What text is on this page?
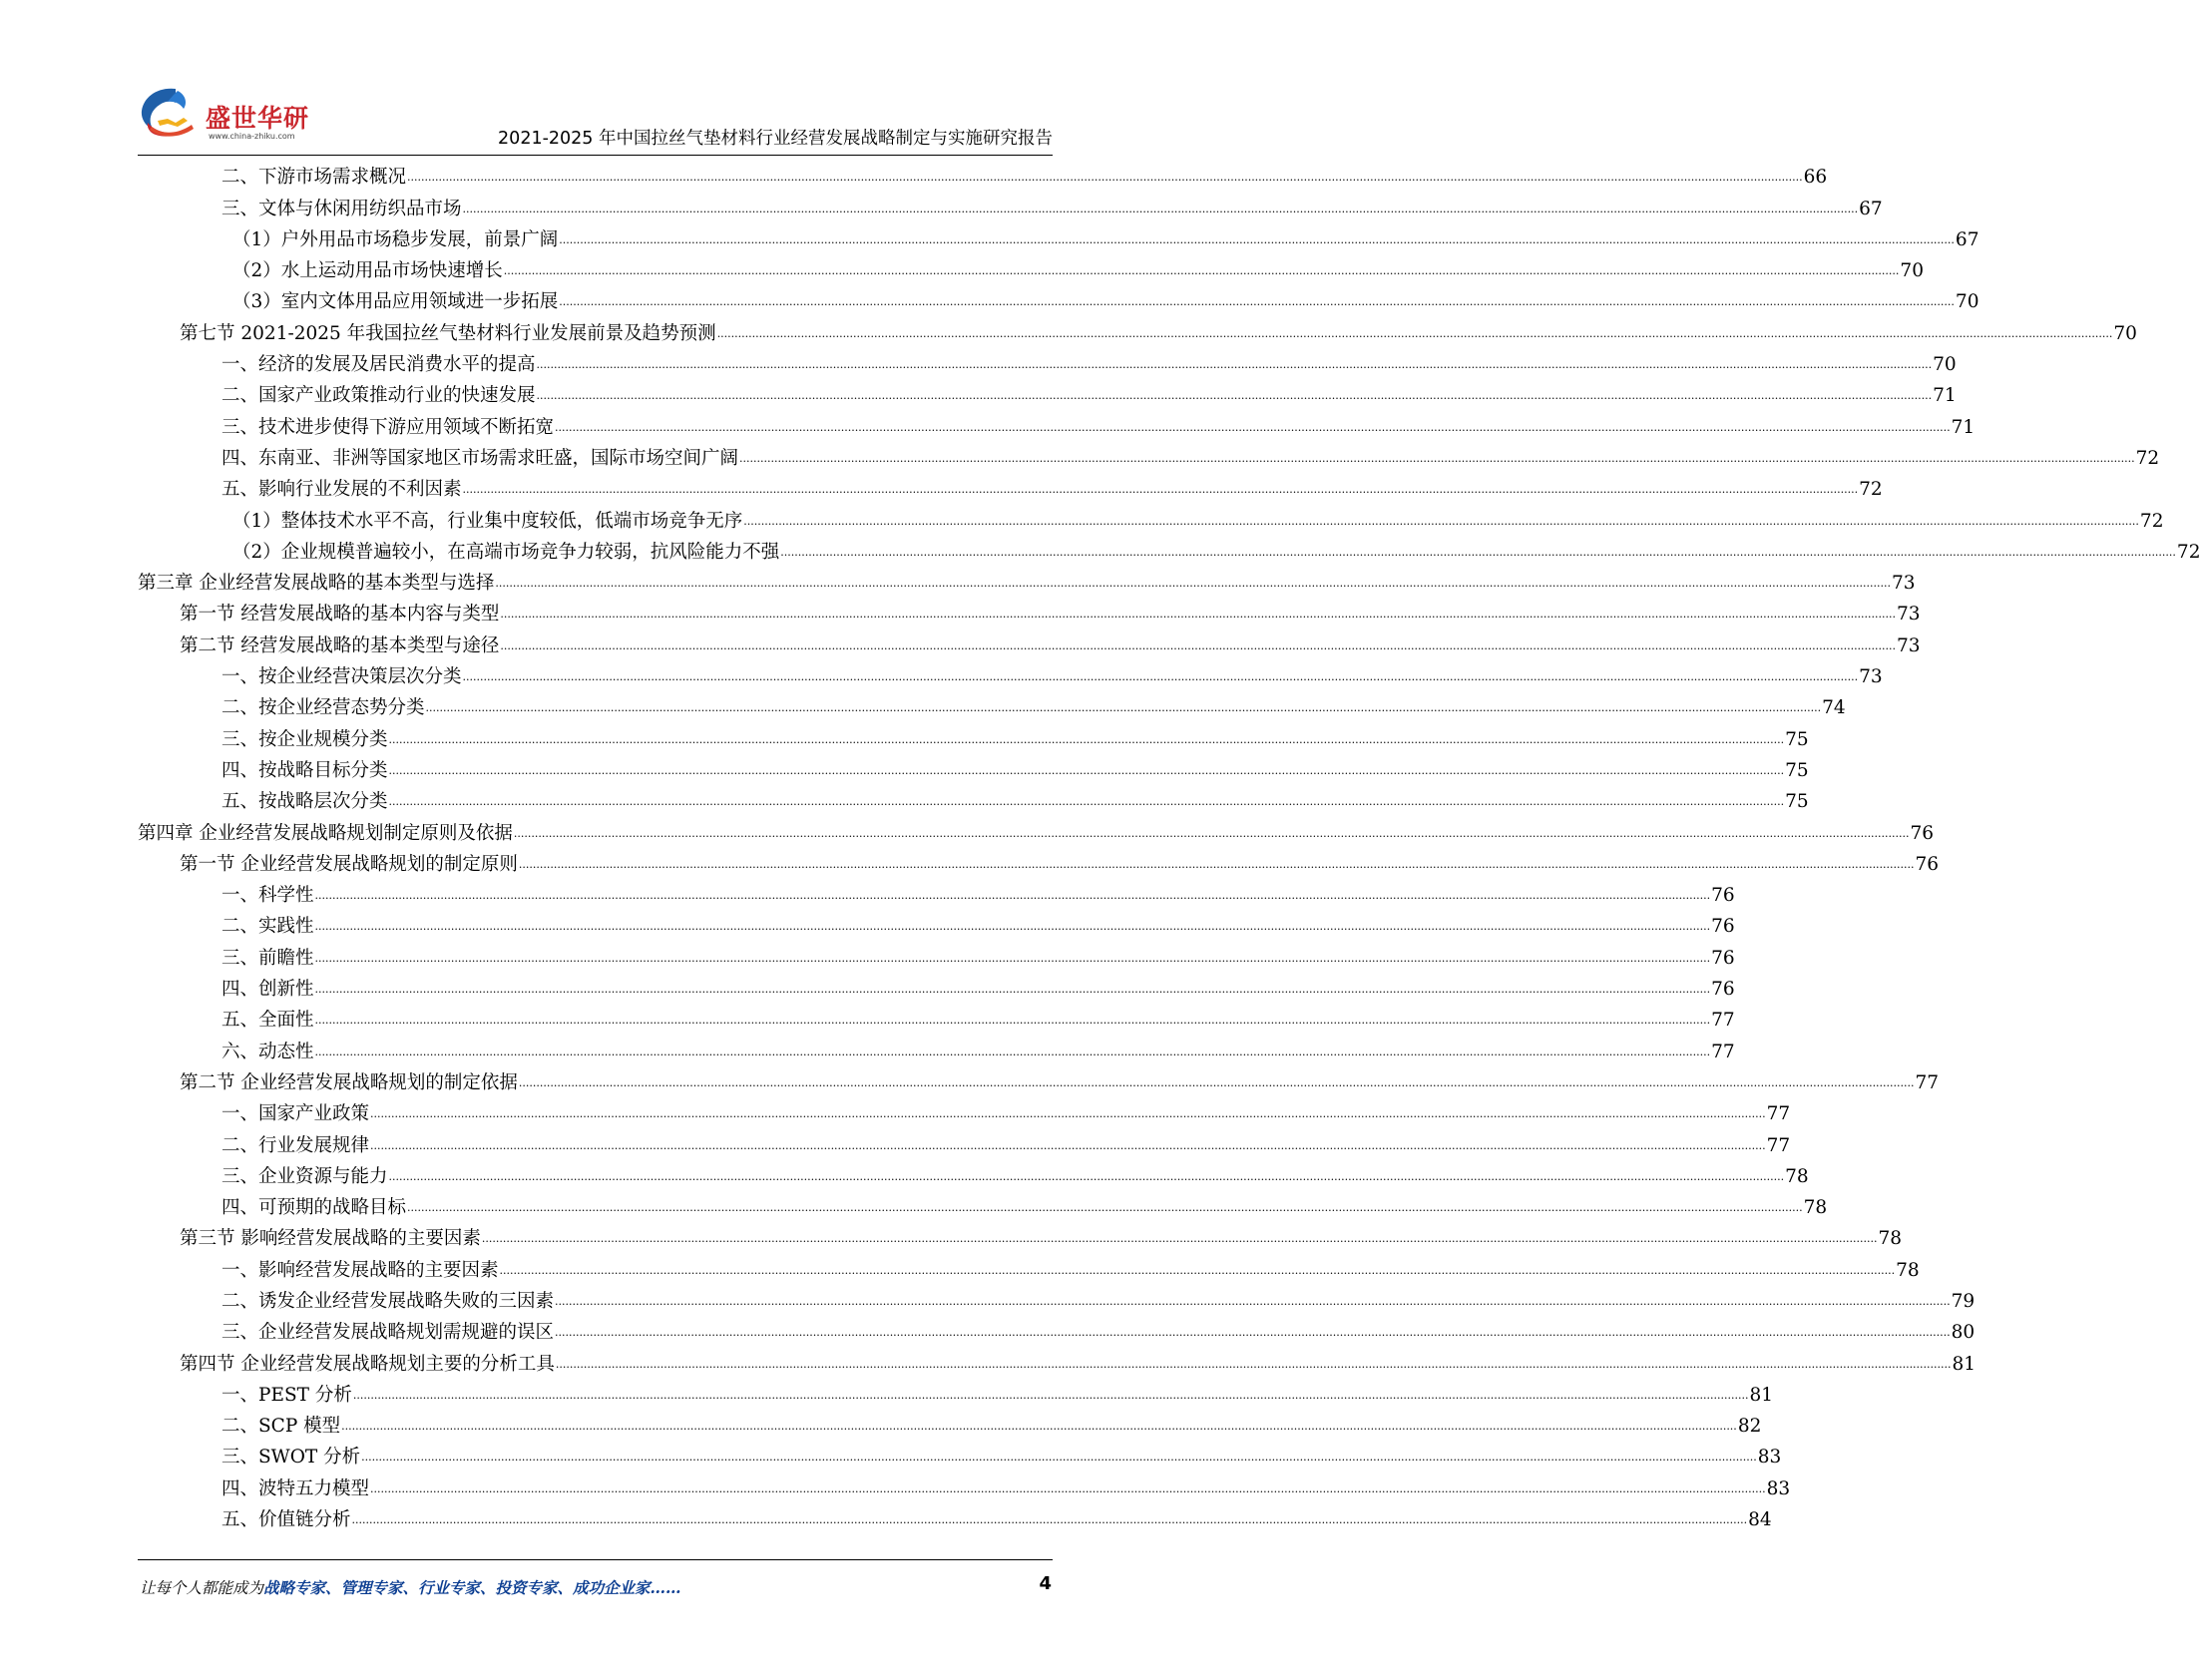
盛世华研
www.china-zhiku.com	2021-2025 年中国拉丝气垫材料行业经营发展战略制定与实施研究报告
二、下游市场需求概况 ................................................................................................................................................................................................................................................................................................................................................................................................................ 66
三、文体与休闲用纺织品市场 ................................................................................................................................................................................................................................................................................................................................................................................................................ 67
（1）户外用品市场稳步发展，前景广阔 ................................................................................................................................................................................................................................................................................................................................................................................................................ 67
（2）水上运动用品市场快速增长 ................................................................................................................................................................................................................................................................................................................................................................................................................ 70
（3）室内文体用品应用领域进一步拓展 ................................................................................................................................................................................................................................................................................................................................................................................................................ 70
第七节 2021-2025 年我国拉丝气垫材料行业发展前景及趋势预测 ................................................................................................................................................................................................................................................................................................................................................................................................................ 70
一、经济的发展及居民消费水平的提高 ................................................................................................................................................................................................................................................................................................................................................................................................................ 70
二、国家产业政策推动行业的快速发展 ................................................................................................................................................................................................................................................................................................................................................................................................................ 71
三、技术进步使得下游应用领域不断拓宽 ................................................................................................................................................................................................................................................................................................................................................................................................................ 71
四、东南亚、非洲等国家地区市场需求旺盛，国际市场空间广阔 ................................................................................................................................................................................................................................................................................................................................................................................................................ 72
五、影响行业发展的不利因素 ................................................................................................................................................................................................................................................................................................................................................................................................................ 72
（1）整体技术水平不高，行业集中度较低，低端市场竞争无序 ................................................................................................................................................................................................................................................................................................................................................................................................................ 72
（2）企业规模普遍较小，在高端市场竞争力较弱，抗风险能力不强 ................................................................................................................................................................................................................................................................................................................................................................................................................ 72
第三章 企业经营发展战略的基本类型与选择 ................................................................................................................................................................................................................................................................................................................................................................................................................ 73
第一节 经营发展战略的基本内容与类型 ................................................................................................................................................................................................................................................................................................................................................................................................................ 73
第二节 经营发展战略的基本类型与途径 ................................................................................................................................................................................................................................................................................................................................................................................................................ 73
一、按企业经营决策层次分类 ................................................................................................................................................................................................................................................................................................................................................................................................................ 73
二、按企业经营态势分类 ................................................................................................................................................................................................................................................................................................................................................................................................................ 74
三、按企业规模分类 ................................................................................................................................................................................................................................................................................................................................................................................................................ 75
四、按战略目标分类 ................................................................................................................................................................................................................................................................................................................................................................................................................ 75
五、按战略层次分类 ................................................................................................................................................................................................................................................................................................................................................................................................................ 75
第四章 企业经营发展战略规划制定原则及依据 ................................................................................................................................................................................................................................................................................................................................................................................................................ 76
第一节 企业经营发展战略规划的制定原则 ................................................................................................................................................................................................................................................................................................................................................................................................................ 76
一、科学性 ................................................................................................................................................................................................................................................................................................................................................................................................................ 76
二、实践性 ................................................................................................................................................................................................................................................................................................................................................................................................................ 76
三、前瞻性 ................................................................................................................................................................................................................................................................................................................................................................................................................ 76
四、创新性 ................................................................................................................................................................................................................................................................................................................................................................................................................ 76
五、全面性 ................................................................................................................................................................................................................................................................................................................................................................................................................ 77
六、动态性 ................................................................................................................................................................................................................................................................................................................................................................................................................ 77
第二节 企业经营发展战略规划的制定依据 ................................................................................................................................................................................................................................................................................................................................................................................................................ 77
一、国家产业政策 ................................................................................................................................................................................................................................................................................................................................................................................................................ 77
二、行业发展规律 ................................................................................................................................................................................................................................................................................................................................................................................................................ 77
三、企业资源与能力 ................................................................................................................................................................................................................................................................................................................................................................................................................ 78
四、可预期的战略目标 ................................................................................................................................................................................................................................................................................................................................................................................................................ 78
第三节 影响经营发展战略的主要因素 ................................................................................................................................................................................................................................................................................................................................................................................................................ 78
一、影响经营发展战略的主要因素 ................................................................................................................................................................................................................................................................................................................................................................................................................ 78
二、诱发企业经营发展战略失败的三因素 ................................................................................................................................................................................................................................................................................................................................................................................................................ 79
三、企业经营发展战略规划需规避的误区 ................................................................................................................................................................................................................................................................................................................................................................................................................ 80
第四节 企业经营发展战略规划主要的分析工具 ................................................................................................................................................................................................................................................................................................................................................................................................................ 81
一、PEST 分析 ................................................................................................................................................................................................................................................................................................................................................................................................................ 81
二、SCP 模型 ................................................................................................................................................................................................................................................................................................................................................................................................................ 82
三、SWOT 分析 ................................................................................................................................................................................................................................................................................................................................................................................................................ 83
四、波特五力模型 ................................................................................................................................................................................................................................................................................................................................................................................................................ 83
五、价值链分析 ................................................................................................................................................................................................................................................................................................................................................................................................................ 84
让每个人都能成为战略专家、管理专家、行业专家、投资专家、成功企业家……	4
